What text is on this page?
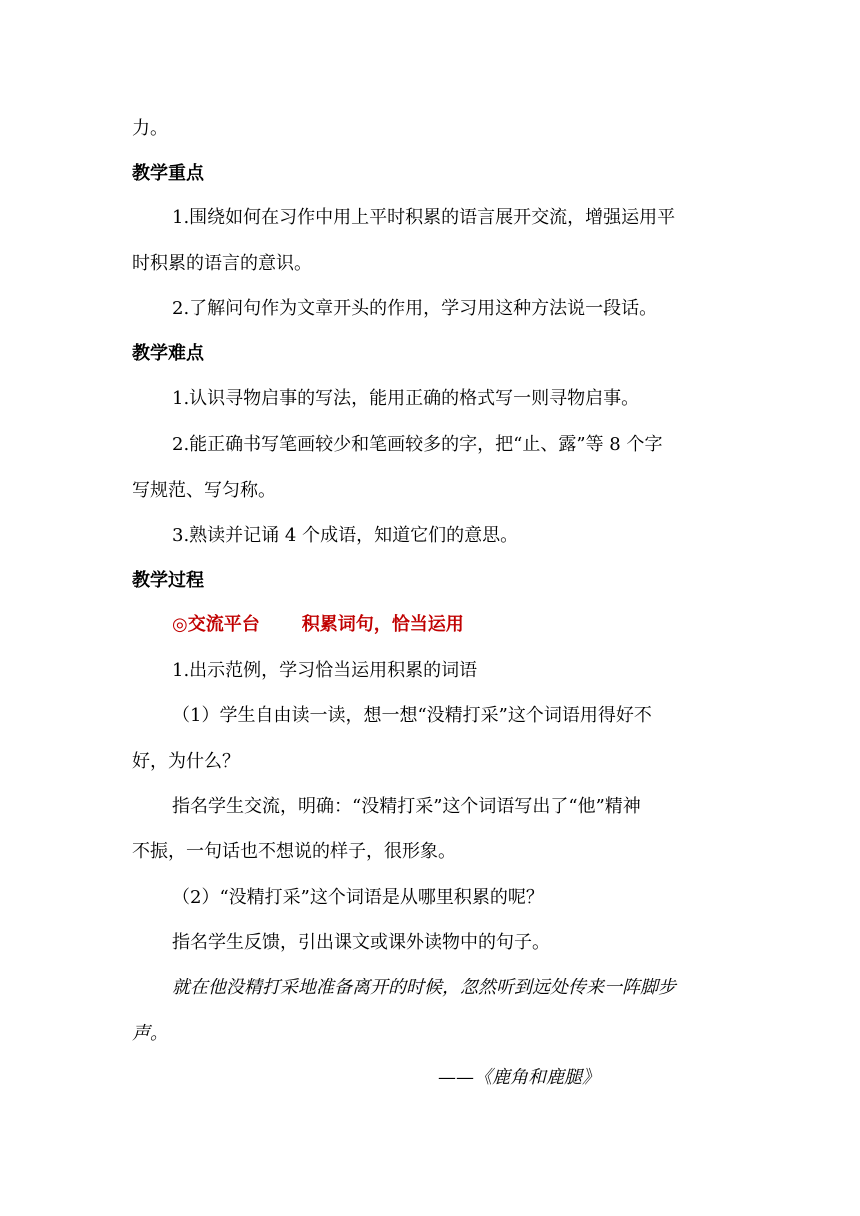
力。
教学重点
1.围绕如何在习作中用上平时积累的语言展开交流，增强运用平
时积累的语言的意识。
2.了解问句作为文章开头的作用，学习用这种方法说一段话。
教学难点
1.认识寻物启事的写法，能用正确的格式写一则寻物启事。
2.能正确书写笔画较少和笔画较多的字，把“止、露”等 8 个字
写规范、写匀称。
3.熟读并记诵 4 个成语，知道它们的意思。
教学过程
◎交流平台 积累词句，恰当运用
1.出示范例，学习恰当运用积累的词语
（1）学生自由读一读，想一想“没精打采”这个词语用得好不
好，为什么？
指名学生交流，明确：“没精打采”这个词语写出了“他”精神
不振，一句话也不想说的样子，很形象。
（2）“没精打采”这个词语是从哪里积累的呢？
指名学生反馈，引出课文或课外读物中的句子。
就在他没精打采地准备离开的时候，忽然听到远处传来一阵脚步
声。
——《鹿角和鹿腿》
